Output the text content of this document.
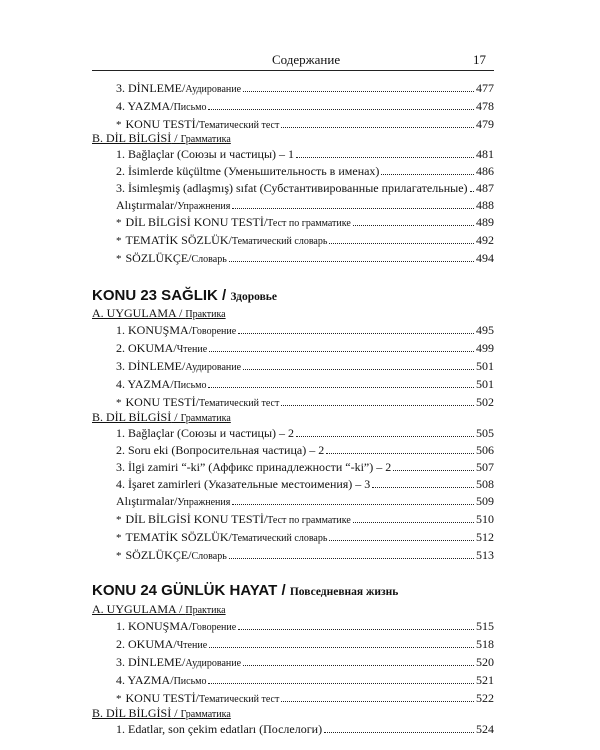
Содержание	17
3. DİNLEME / Аудирование	477
4. YAZMA / Письмо	478
* KONU TESTİ / Тематический тест	479
B. DİL BİLGİSİ / Грамматика
1. Bağlaçlar (Союзы и частицы) – 1	481
2. İsimlerde küçültme (Уменьшительность в именах)	486
3. İsimleşmiş (adlaşmış) sıfat (Субстантивированные прилагательные) 487
Alıştırmalar / Упражнения	488
* DİL BİLGİSİ KONU TESTİ / Тест по грамматике	489
* TEMATİK SÖZLÜK / Тематический словарь	492
* SÖZLÜKÇE / Словарь	494
KONU 23 SAĞLIK / Здоровье
A. UYGULAMA / Практика
1. KONUŞMA / Говорение	495
2. OKUMA / Чтение	499
3. DİNLEME / Аудирование	501
4. YAZMA / Письмо	501
* KONU TESTİ / Тематический тест	502
B. DİL BİLGİSİ / Грамматика
1. Bağlaçlar (Союзы и частицы) – 2	505
2. Soru eki (Вопросительная частица) – 2	506
3. İlgi zamiri “-ki” (Аффикс принадлежности “-ki”) – 2	507
4. İşaret zamirleri (Указательные местоимения) – 3	508
Alıştırmalar / Упражнения	509
* DİL BİLGİSİ KONU TESTİ / Тест по грамматике	510
* TEMATİK SÖZLÜK / Тематический словарь	512
* SÖZLÜKÇE / Словарь	513
KONU 24 GÜNLÜK HAYAT / Повседневная жизнь
A. UYGULAMA / Практика
1. KONUŞMA / Говорение	515
2. OKUMA / Чтение	518
3. DİNLEME / Аудирование	520
4. YAZMA / Письмо	521
* KONU TESTİ / Тематический тест	522
B. DİL BİLGİSİ / Грамматика
1. Edatlar, son çekim edatları (Послелоги)	524
